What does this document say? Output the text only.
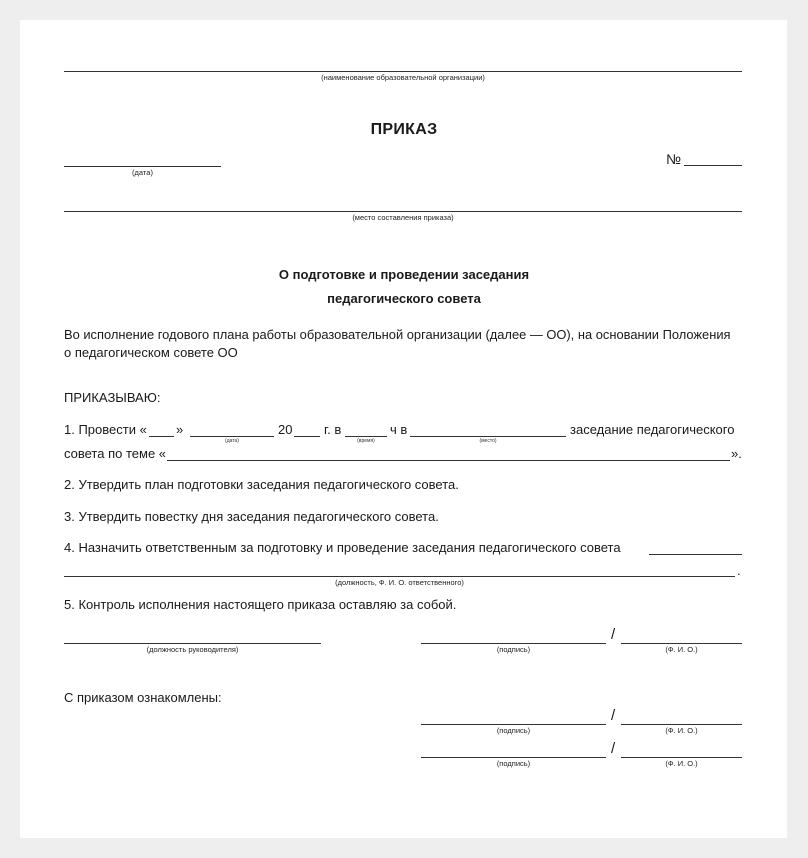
(наименование образовательной организации)
ПРИКАЗ
(дата)
№
(место составления приказа)
О подготовке и проведении заседания
педагогического совета
Во исполнение годового плана работы образовательной организации (далее — ОО), на основании Положения
о педагогическом совете ОО
ПРИКАЗЫВАЮ:
1. Провести « »
(дата)
20 г. в
(время)
ч в
(место)
заседание педагогического
совета по теме «	».
2. Утвердить план подготовки заседания педагогического совета.
3. Утвердить повестку дня заседания педагогического совета.
4. Назначить ответственным за подготовку и проведение заседания педагогического совета
.
(должность, Ф. И. О. ответственного)
5. Контроль исполнения настоящего приказа оставляю за собой.
(должность руководителя)	(подпись)
/
(Ф. И. О.)
С приказом ознакомлены:
(подпись)
/
(Ф. И. О.)
(подпись)
/
(Ф. И. О.)
